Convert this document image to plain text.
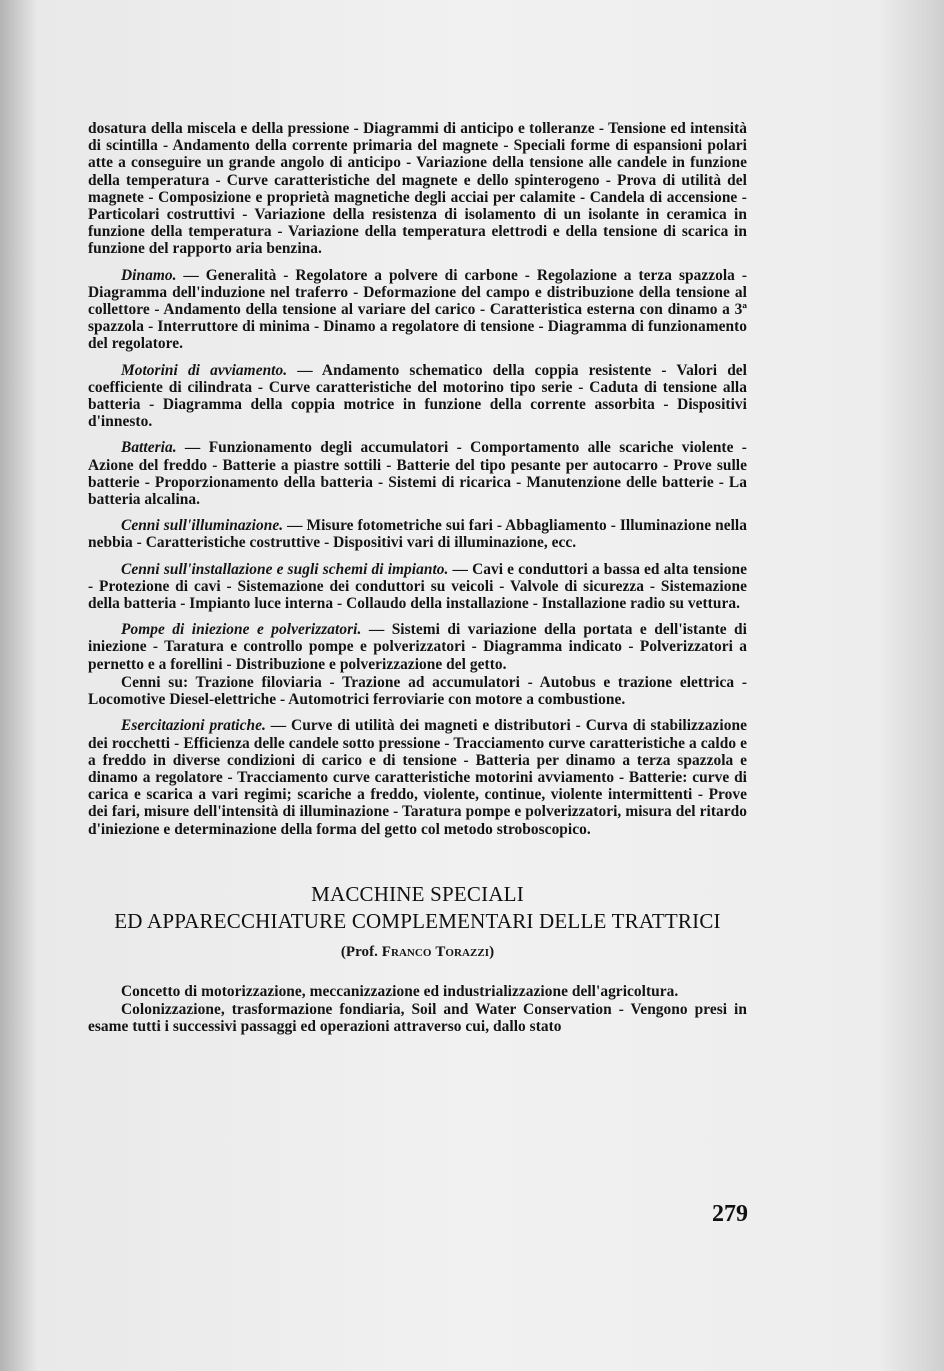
dosatura della miscela e della pressione - Diagrammi di anticipo e tolleranze - Tensione ed intensità di scintilla - Andamento della corrente primaria del magnete - Speciali forme di espansioni polari atte a conseguire un grande angolo di anticipo - Variazione della tensione alle candele in funzione della temperatura - Curve caratteristiche del magnete e dello spinterogeno - Prova di utilità del magnete - Composizione e proprietà magnetiche degli acciai per calamite - Candela di accensione - Particolari costruttivi - Variazione della resistenza di isolamento di un isolante in ceramica in funzione della temperatura - Variazione della temperatura elettrodi e della tensione di scarica in funzione del rapporto aria benzina.

Dinamo. — Generalità - Regolatore a polvere di carbone - Regolazione a terza spazzola - Diagramma dell'induzione nel traferro - Deformazione del campo e distribuzione della tensione al collettore - Andamento della tensione al variare del carico - Caratteristica esterna con dinamo a 3ª spazzola - Interruttore di minima - Dinamo a regolatore di tensione - Diagramma di funzionamento del regolatore.

Motorini di avviamento. — Andamento schematico della coppia resistente - Valori del coefficiente di cilindrata - Curve caratteristiche del motorino tipo serie - Caduta di tensione alla batteria - Diagramma della coppia motrice in funzione della corrente assorbita - Dispositivi d'innesto.

Batteria. — Funzionamento degli accumulatori - Comportamento alle scariche violente - Azione del freddo - Batterie a piastre sottili - Batterie del tipo pesante per autocarro - Prove sulle batterie - Proporzionamento della batteria - Sistemi di ricarica - Manutenzione delle batterie - La batteria alcalina.

Cenni sull'illuminazione. — Misure fotometriche sui fari - Abbagliamento - Illuminazione nella nebbia - Caratteristiche costruttive - Dispositivi vari di illuminazione, ecc.

Cenni sull'installazione e sugli schemi di impianto. — Cavi e conduttori a bassa ed alta tensione - Protezione di cavi - Sistemazione dei conduttori su veicoli - Valvole di sicurezza - Sistemazione della batteria - Impianto luce interna - Collaudo della installazione - Installazione radio su vettura.

Pompe di iniezione e polverizzatori. — Sistemi di variazione della portata e dell'istante di iniezione - Taratura e controllo pompe e polverizzatori - Diagramma indicato - Polverizzatori a pernetto e a forellini - Distribuzione e polverizzazione del getto.

Cenni su: Trazione filoviaria - Trazione ad accumulatori - Autobus e trazione elettrica - Locomotive Diesel-elettriche - Automotrici ferroviarie con motore a combustione.

Esercitazioni pratiche. — Curve di utilità dei magneti e distributori - Curva di stabilizzazione dei rocchetti - Efficienza delle candele sotto pressione - Tracciamento curve caratteristiche a caldo e a freddo in diverse condizioni di carico e di tensione - Batteria per dinamo a terza spazzola e dinamo a regolatore - Tracciamento curve caratteristiche motorini avviamento - Batterie: curve di carica e scarica a vari regimi; scariche a freddo, violente, continue, violente intermittenti - Prove dei fari, misure dell'intensità di illuminazione - Taratura pompe e polverizzatori, misura del ritardo d'iniezione e determinazione della forma del getto col metodo stroboscopico.

MACCHINE SPECIALI
ED APPARECCHIATURE COMPLEMENTARI DELLE TRATTRICI
(Prof. Franco Torazzi)

Concetto di motorizzazione, meccanizzazione ed industrializzazione dell'agricoltura.

Colonizzazione, trasformazione fondiaria, Soil and Water Conservation - Vengono presi in esame tutti i successivi passaggi ed operazioni attraverso cui, dallo stato

279
